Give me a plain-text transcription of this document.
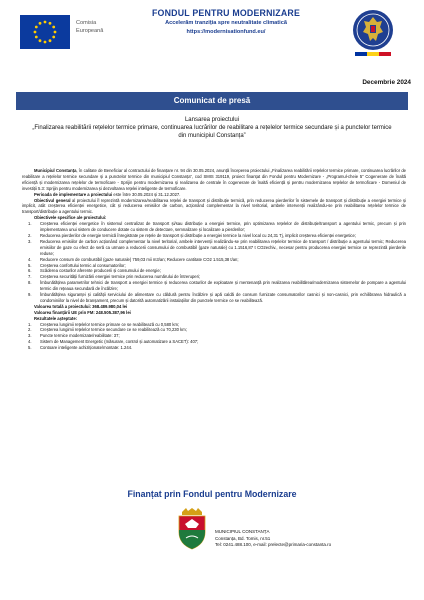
Comisia
Europeană
FONDUL PENTRU MODERNIZARE
Accelerăm tranziția spre neutralitate climatică
https://modernisationfund.eu/
Decembrie 2024
Comunicat de presă
Lansarea proiectului
„Finalizarea reabilitării rețelelor termice primare, continuarea lucrărilor de reabilitare a rețelelor termice secundare și a punctelor termice din municipiul Constanța”

Municipiul Constanța, în calitate de Beneficiar al contractului de finanțare nr. 94 din 30.05.2024, anunță începerea proiectului „Finalizarea reabilitării rețelelor termice primare, continuarea lucrărilor de reabilitare a rețelelor termice secundare și a punctelor termice din municipiul Constanța”, cod SMIS 319119, proiect finanțat din Fondul pentru Modernizare - „Programul-cheie 5” Cogenerare de înaltă eficiență și modernizarea rețelelor de termoficare - Sprijin pentru modernizarea și realizarea de centrale în cogenerare de înaltă eficiență și pentru modernizarea rețelelor de termoficare - Domeniul de investiții 5.3: Sprijin pentru modernizarea și dezvoltarea rețelei inteligente de termoficare.

Perioada de implementare a proiectului este între 30.05.2024 și 31.12.2027.

Obiectivul general al proiectului îl reprezintă modernizarea/reabilitarea rețelei de transport și distribuție termică, prin reducerea pierderilor în sistemele de transport și distribuție a energiei termice și implicit, atât creșterea eficienței energetice, cât și reducerea emisiilor de carbon, acționând complementar la nivel teritorial, ambele intervenții realizându-se prin reabilitarea rețelelor termice de transport/distribuție a agentului termic.

Obiectivele specifice ale proiectului:

1. Creșterea eficienței energetice în sistemul centralizat de transport și/sau distribuție a energiei termice, prin optimizarea rețelelor de distribuție/transport a agentului termic, precum și prin implementarea unui sistem de conducere dotate cu sistem de detectare, semnalizare și localizare a pierderilor;
2. Reducerea pierderilor de energie termică înregistrate pe rețele de transport și distribuție a energiei termice la nivel local cu 24,31 Tj, implicit creșterea eficienței energetice;
3. Reducerea emisiilor de carbon acționând complementar la nivel teritorial, ambele intervenții realizându-se prin reabilitarea rețelelor termice de transport / distribuție a agentului termic; Reducerea emisiilor de gaze cu efect de seră ca urmare a reducerii consumului de combustibil (gaze naturale) cu 1.1516,87 t CO2echiv., necesar pentru producerea energiei termice ce reprezintă pierderile reduse;
4. Reducere consum de combustibil (gaze naturale) 759,03 mii m3/an; Reducere cantitate CO2 1.515,38 t/an;
5. Creșterea confortului termic al consumatorilor;
6. Scăderea costurilor aferente producerii și consumului de energie;
7. Creșterea securității furnizării energiei termice prin reducerea numărului de întreruperi;
8. Îmbunătățirea parametrilor tehnici de transport a energiei termice și reducerea costurilor de exploatare și mentenanță prin realizarea reabilitărea/modernizarea sistemelor de pompare a agentului termic din rețeaua secundară de încălzire;
9. Îmbunătățirea siguranței și calității serviciului de alimentare cu căldură pentru încălzire și apă caldă de consum furnizate consumatorilor casnici și non-casnici, prin echilibrarea hidraulică a condominiilor la nivel de branșament, precum și datorită automatizării instalațiilor din punctele termice ce se reabilitează.

Valoarea totală a proiectului: 368.489.980,04 lei

Valoarea finanțării UE prin FM: 248.505.387,96 lei

Rezultatele așteptate:

1. Creșterea lungimii rețelelor termice primare ce se reabilitează cu 0,580 km;
2. Creșterea lungimii rețelelor termice secundare ce se reabilitează cu 70,230 km;
3. Puncte termice modernizate/reabilitate: 37;
4. Sistem de Management Energetic (măsurare, control și automatizare a SACET): 407;
5. Contoare inteligente achiziționate/montate: 1.244.
Finanțat prin Fondul pentru Modernizare
MUNICIPIUL CONSTANȚA
Constanța, Bd. Tomis, nr.51
Tel: 0241.488.100, e-mail: prelecte@primaria-constanta.ro
